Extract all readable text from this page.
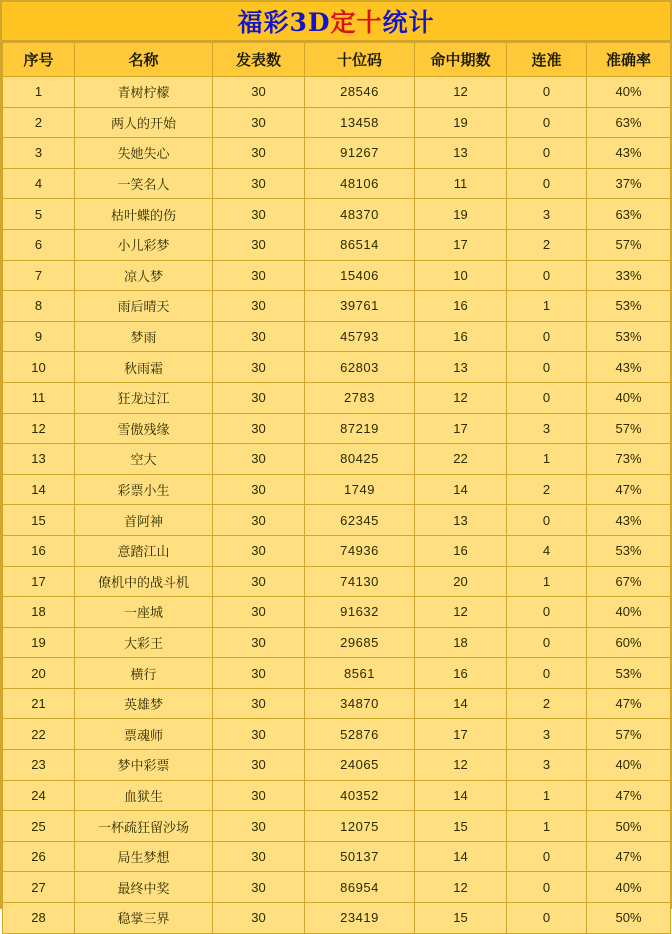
福彩3D定十统计
序号	名称	发表数	十位码	命中期数	连准	准确率
1	青树柠檬	30	28546	12	0	40%
2	两人的开始	30	13458	19	0	63%
3	失她失心	30	91267	13	0	43%
4	一笑名人	30	48106	11	0	37%
5	枯叶蝶的伤	30	48370	19	3	63%
6	小儿彩梦	30	86514	17	2	57%
7	凉人梦	30	15406	10	0	33%
8	雨后晴天	30	39761	16	1	53%
9	梦雨	30	45793	16	0	53%
10	秋雨霜	30	62803	13	0	43%
11	狂龙过江	30	2783	12	0	40%
12	雪傲残缘	30	87219	17	3	57%
13	空大	30	80425	22	1	73%
14	彩票小生	30	1749	14	2	47%
15	首阿神	30	62345	13	0	43%
16	意踏江山	30	74936	16	4	53%
17	僚机中的战斗机	30	74130	20	1	67%
18	一座城	30	91632	12	0	40%
19	大彩王	30	29685	18	0	60%
20	横行	30	8561	16	0	53%
21	英雄梦	30	34870	14	2	47%
22	票魂师	30	52876	17	3	57%
23	梦中彩票	30	24065	12	3	40%
24	血狱生	30	40352	14	1	47%
25	一杯疏狂留沙场	30	12075	15	1	50%
26	局生梦想	30	50137	14	0	47%
27	最终中奖	30	86954	12	0	40%
28	稳掌三界	30	23419	15	0	50%
